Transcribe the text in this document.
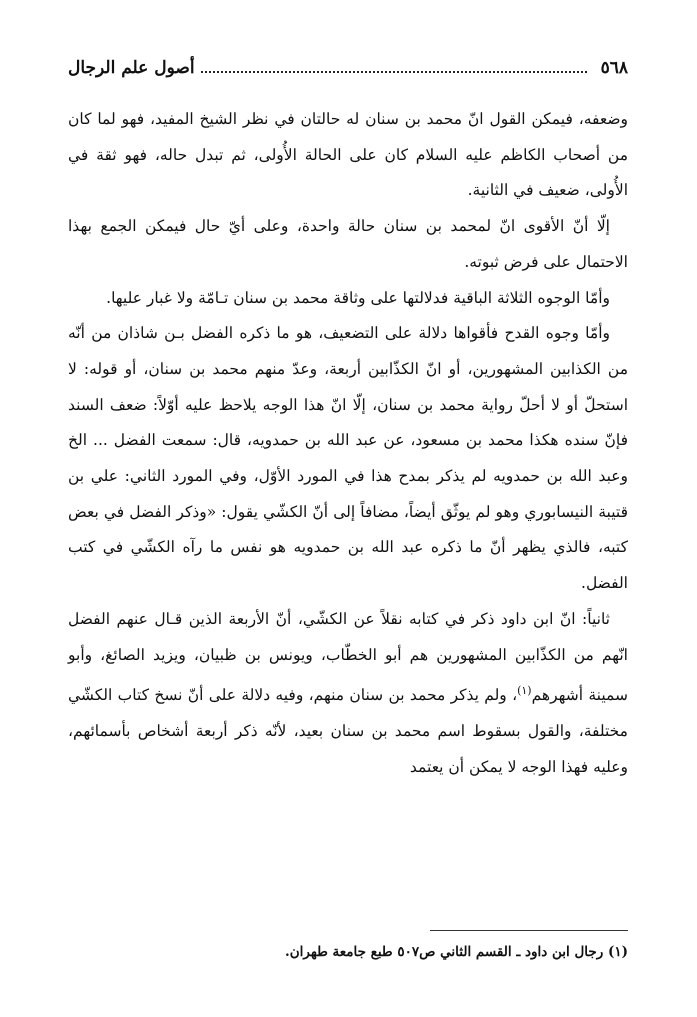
٥٦٨
أصول علم الرجال

وضعفه، فيمكن القول انّ محمد بن سنان له حالتان في نظر الشيخ المفيد، فهو لما كان من أصحاب الكاظم عليه السلام كان على الحالة الأُولى، ثم تبدل حاله، فهو ثقة في الأُولى، ضعيف في الثانية.

إلّا أنّ الأقوى انّ لمحمد بن سنان حالة واحدة، وعلى أيّ حال فيمكن الجمع بهذا الاحتمال على فرض ثبوته.

وأمّا الوجوه الثلاثة الباقية فدلالتها على وثاقة محمد بن سنان تـامّة ولا غبار عليها.

وأمّا وجوه القدح فأقواها دلالة على التضعيف، هو ما ذكره الفضل بـن شاذان من أنّه من الكذابين المشهورين، أو انّ الكذّابين أربعة، وعدّ منهم محمد بن سنان، أو قوله: لا استحلّ أو لا أحلّ رواية محمد بن سنان، إلّا انّ هذا الوجه يلاحظ عليه أوّلاً: ضعف السند فإنّ سنده هكذا محمد بن مسعود، عن عبد الله بن حمدويه، قال: سمعت الفضل ... الخ وعبد الله بن حمدويه لم يذكر بمدح هذا في المورد الأوّل، وفي المورد الثاني: علي بن قتيبة النيسابوري وهو لم يوثّق أيضاً، مضافاً إلى أنّ الكشّي يقول: «وذكر الفضل في بعض كتبه، فالذي يظهر أنّ ما ذكره عبد الله بن حمدويه هو نفس ما رآه الكشّي في كتب الفضل.

ثانياً: انّ ابن داود ذكر في كتابه نقلاً عن الكشّي، أنّ الأربعة الذين قـال عنهم الفضل انّهم من الكذّابين المشهورين هم أبو الخطّاب، ويونس بن ظبيان، ويزيد الصائغ، وأبو سمينة أشهرهم$^{(١)}$، ولم يذكر محمد بن سنان منهم، وفيه دلالة على أنّ نسخ كتاب الكشّي مختلفة، والقول بسقوط اسم محمد بن سنان بعيد، لأنّه ذكر أربعة أشخاص بأسمائهم، وعليه فهذا الوجه لا يمكن أن يعتمد

(١) رجال ابن داود ـ القسم الثاني ص٥٠٧ طبع جامعة طهران.
